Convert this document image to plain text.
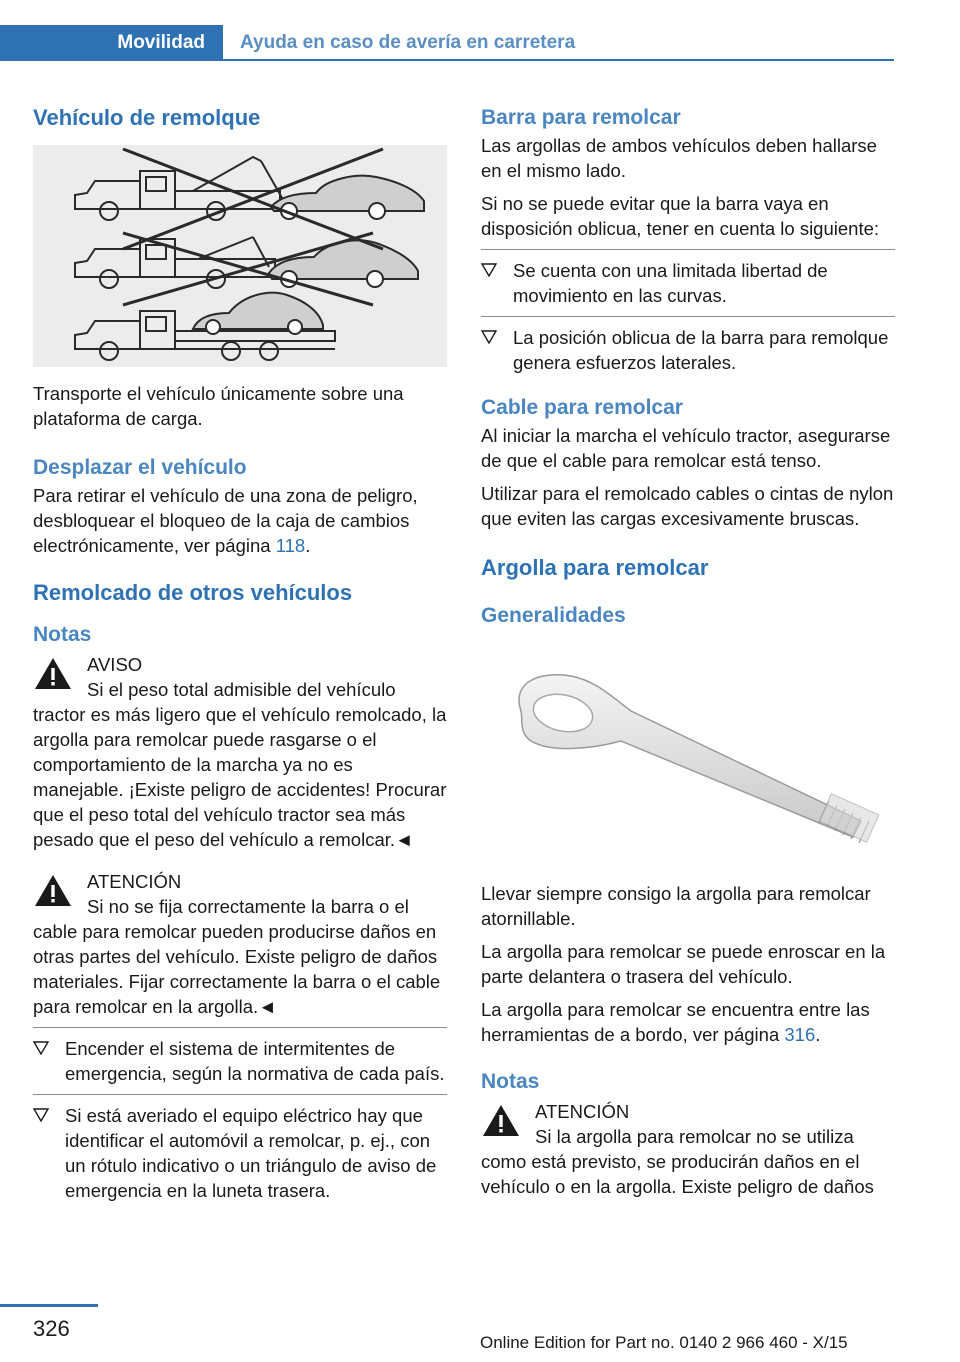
Movilidad	Ayuda en caso de avería en carretera
Vehículo de remolque

Transporte el vehículo únicamente sobre una plataforma de carga.

Desplazar el vehículo

Para retirar el vehículo de una zona de peligro, desbloquear el bloqueo de la caja de cambios electrónicamente, ver página 118.

Remolcado de otros vehículos
Notas

AVISO

Si el peso total admisible del vehículo tractor es más ligero que el vehículo remolcado, la argolla para remolcar puede rasgarse o el comportamiento de la marcha ya no es manejable. ¡Existe peligro de accidentes! Procurar que el peso total del vehículo tractor sea más pesado que el peso del vehículo a remolcar.◄

ATENCIÓN

Si no se fija correctamente la barra o el cable para remolcar pueden producirse daños en otras partes del vehículo. Existe peligro de daños materiales. Fijar correctamente la barra o el cable para remolcar en la argolla.◄

Encender el sistema de intermitentes de emergencia, según la normativa de cada país.
Si está averiado el equipo eléctrico hay que identificar el automóvil a remolcar, p. ej., con un rótulo indicativo o un triángulo de aviso de emergencia en la luneta trasera.
Barra para remolcar

Las argollas de ambos vehículos deben hallarse en el mismo lado.

Si no se puede evitar que la barra vaya en disposición oblicua, tener en cuenta lo siguiente:

Se cuenta con una limitada libertad de movimiento en las curvas.
La posición oblicua de la barra para remolque genera esfuerzos laterales.
Cable para remolcar

Al iniciar la marcha el vehículo tractor, asegurarse de que el cable para remolcar está tenso.

Utilizar para el remolcado cables o cintas de nylon que eviten las cargas excesivamente bruscas.

Argolla para remolcar
Generalidades

Llevar siempre consigo la argolla para remolcar atornillable.

La argolla para remolcar se puede enroscar en la parte delantera o trasera del vehículo.

La argolla para remolcar se encuentra entre las herramientas de a bordo, ver página 316.

Notas

ATENCIÓN

Si la argolla para remolcar no se utiliza como está previsto, se producirán daños en el vehículo o en la argolla. Existe peligro de daños

326
Online Edition for Part no. 0140 2 966 460 - X/15
